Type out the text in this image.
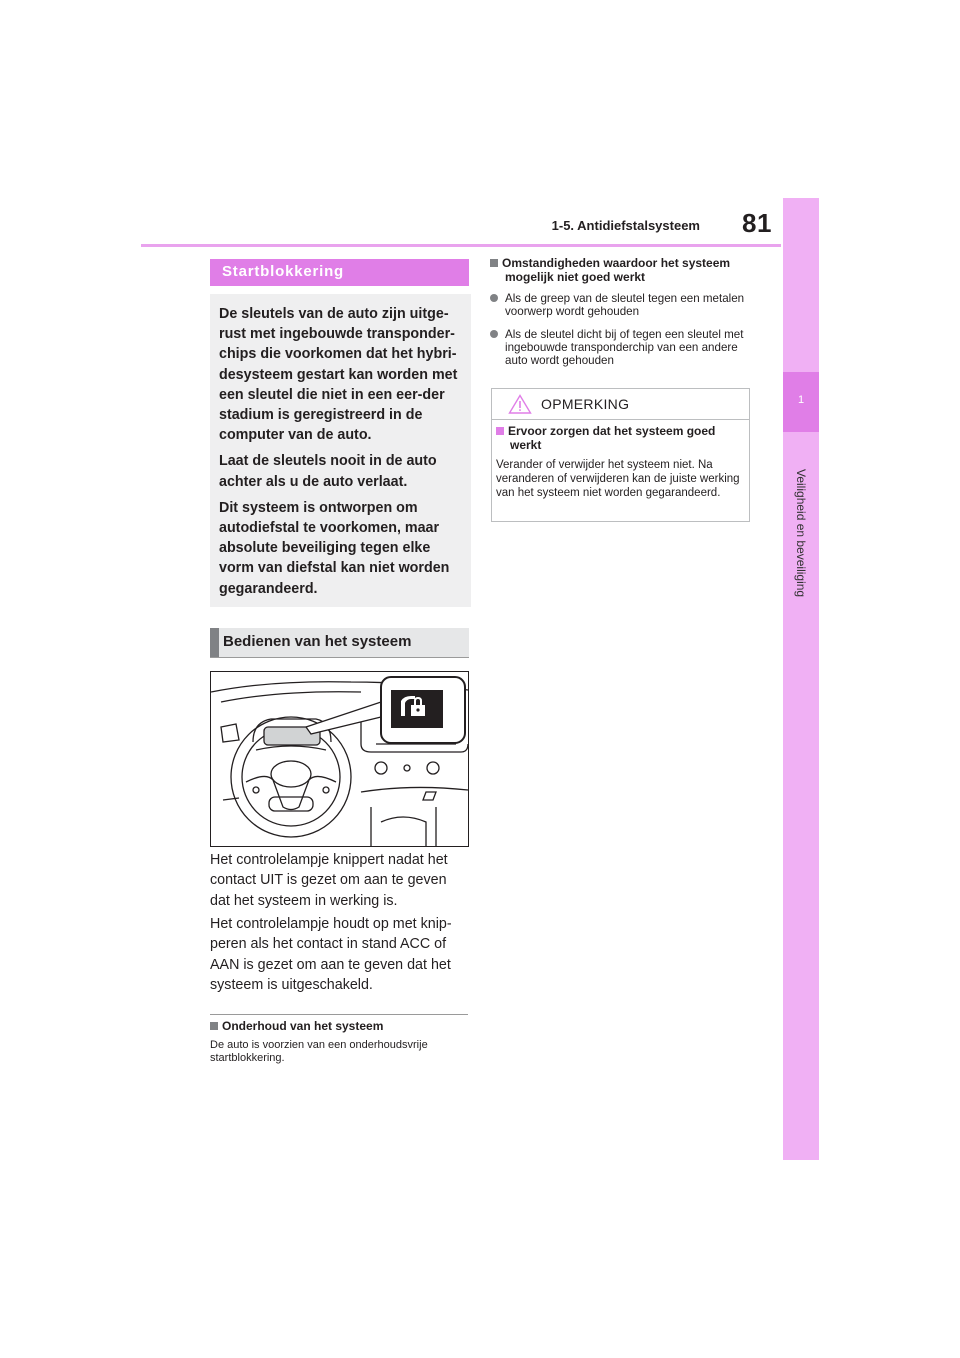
1-5. Antidiefstalsysteem 81
1
Veiligheid en beveiliging
Startblokkering

De sleutels van de auto zijn uitge-rust met ingebouwde transponder-chips die voorkomen dat het hybri-desysteem gestart kan worden met een sleutel die niet in een eer-der stadium is geregistreerd in de computer van de auto.

Laat de sleutels nooit in de auto achter als u de auto verlaat.

Dit systeem is ontworpen om autodiefstal te voorkomen, maar absolute beveiliging tegen elke vorm van diefstal kan niet worden gegarandeerd.

Bedienen van het systeem
Het controlelampje knippert nadat het contact UIT is gezet om aan te geven dat het systeem in werking is.
Het controlelampje houdt op met knip-peren als het contact in stand ACC of AAN is gezet om aan te geven dat het systeem is uitgeschakeld.
Onderhoud van het systeem
De auto is voorzien van een onderhoudsvrije startblokkering.
Omstandigheden waardoor het systeem
mogelijk niet goed werkt
Als de greep van de sleutel tegen een metalen voorwerp wordt gehouden
Als de sleutel dicht bij of tegen een sleutel met ingebouwde transponderchip van een andere auto wordt gehouden
OPMERKING
Ervoor zorgen dat het systeem goed
werkt
Verander of verwijder het systeem niet. Na veranderen of verwijderen kan de juiste werking van het systeem niet worden gegarandeerd.
